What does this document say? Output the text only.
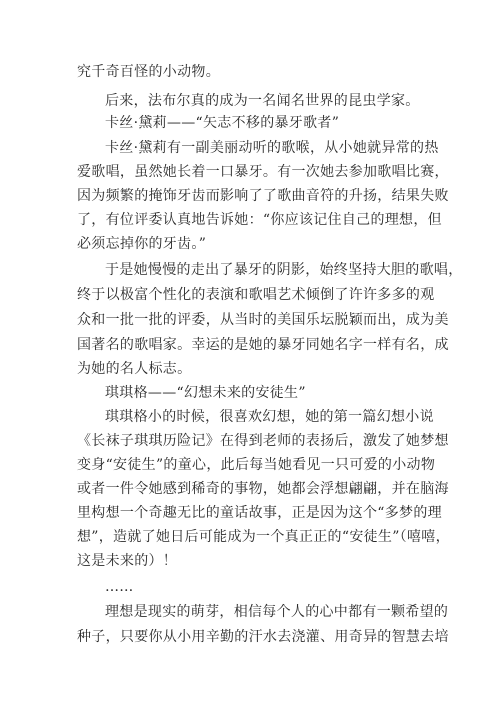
究千奇百怪的小动物。
后来，法布尔真的成为一名闻名世界的昆虫学家。
卡丝·黛莉——“矢志不移的暴牙歌者”
卡丝·黛莉有一副美丽动听的歌喉，从小她就异常的热
爱歌唱，虽然她长着一口暴牙。有一次她去参加歌唱比赛，
因为频繁的掩饰牙齿而影响了了歌曲音符的升扬，结果失败
了，有位评委认真地告诉她：“你应该记住自己的理想，但
必须忘掉你的牙齿。”
于是她慢慢的走出了暴牙的阴影，始终坚持大胆的歌唱，
终于以极富个性化的表演和歌唱艺术倾倒了许许多多的观
众和一批一批的评委，从当时的美国乐坛脱颖而出，成为美
国著名的歌唱家。幸运的是她的暴牙同她名字一样有名，成
为她的名人标志。
琪琪格——“幻想未来的安徒生”
琪琪格小的时候，很喜欢幻想，她的第一篇幻想小说
《长袜子琪琪历险记》在得到老师的表扬后，激发了她梦想
变身“安徒生”的童心，此后每当她看见一只可爱的小动物
或者一件令她感到稀奇的事物，她都会浮想翩翩，并在脑海
里构想一个奇趣无比的童话故事，正是因为这个“多梦的理
想”，造就了她日后可能成为一个真正正的“安徒生”（嘻嘻，
这是未来的）！
……
理想是现实的萌芽，相信每个人的心中都有一颗希望的
种子，只要你从小用辛勤的汗水去浇灌、用奇异的智慧去培
